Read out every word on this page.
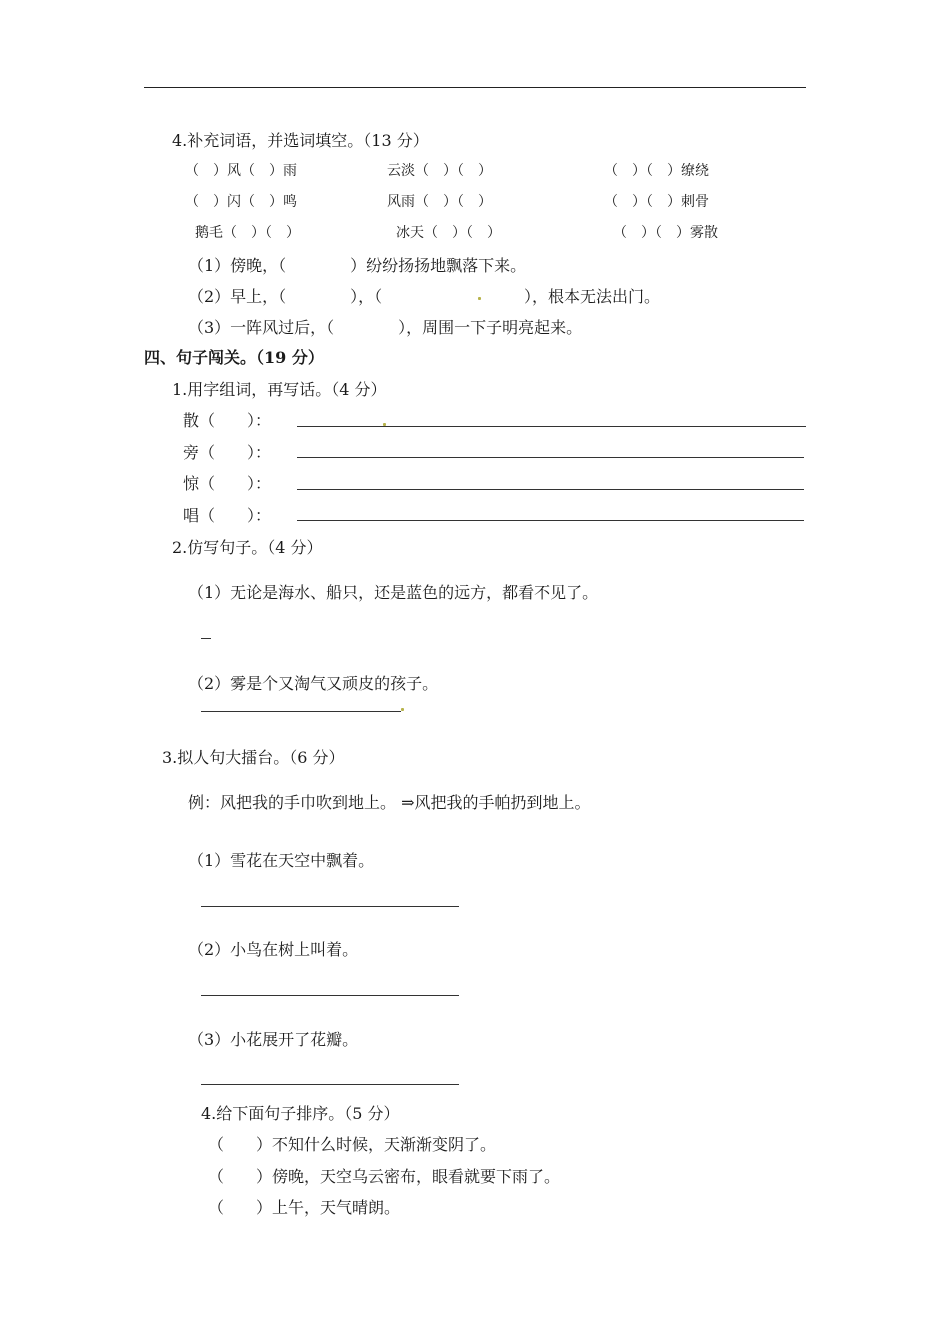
4.补充词语，并选词填空。（13 分）
（　）风（　）雨	云淡（　）（　）	（　）（　）缭绕
（　）闪（　）鸣	风雨（　）（　）	（　）（　）刺骨
鹅毛（　）（　）	冰天（　）（　）	（　）（　）雾散
（1）傍晚，（　　　　）纷纷扬扬地飘落下来。
（2）早上，（　　　　），（	），根本无法出门。
（3）一阵风过后，（　　　　），周围一下子明亮起来。
四、句子闯关。（19 分）
1.用字组词，再写话。（4 分）
散（　　）：
旁（　　）：
惊（　　）：
唱（　　）：
2.仿写句子。（4 分）
（1）无论是海水、船只，还是蓝色的远方，都看不见了。
（2）雾是个又淘气又顽皮的孩子。
3.拟人句大擂台。（6 分）
例：风把我的手巾吹到地上。 ⇒风把我的手帕扔到地上。
（1）雪花在天空中飘着。
（2）小鸟在树上叫着。
（3）小花展开了花瓣。
4.给下面句子排序。（5 分）
（　　）不知什么时候，天渐渐变阴了。
（　　）傍晚，天空乌云密布，眼看就要下雨了。
（　　）上午，天气晴朗。
